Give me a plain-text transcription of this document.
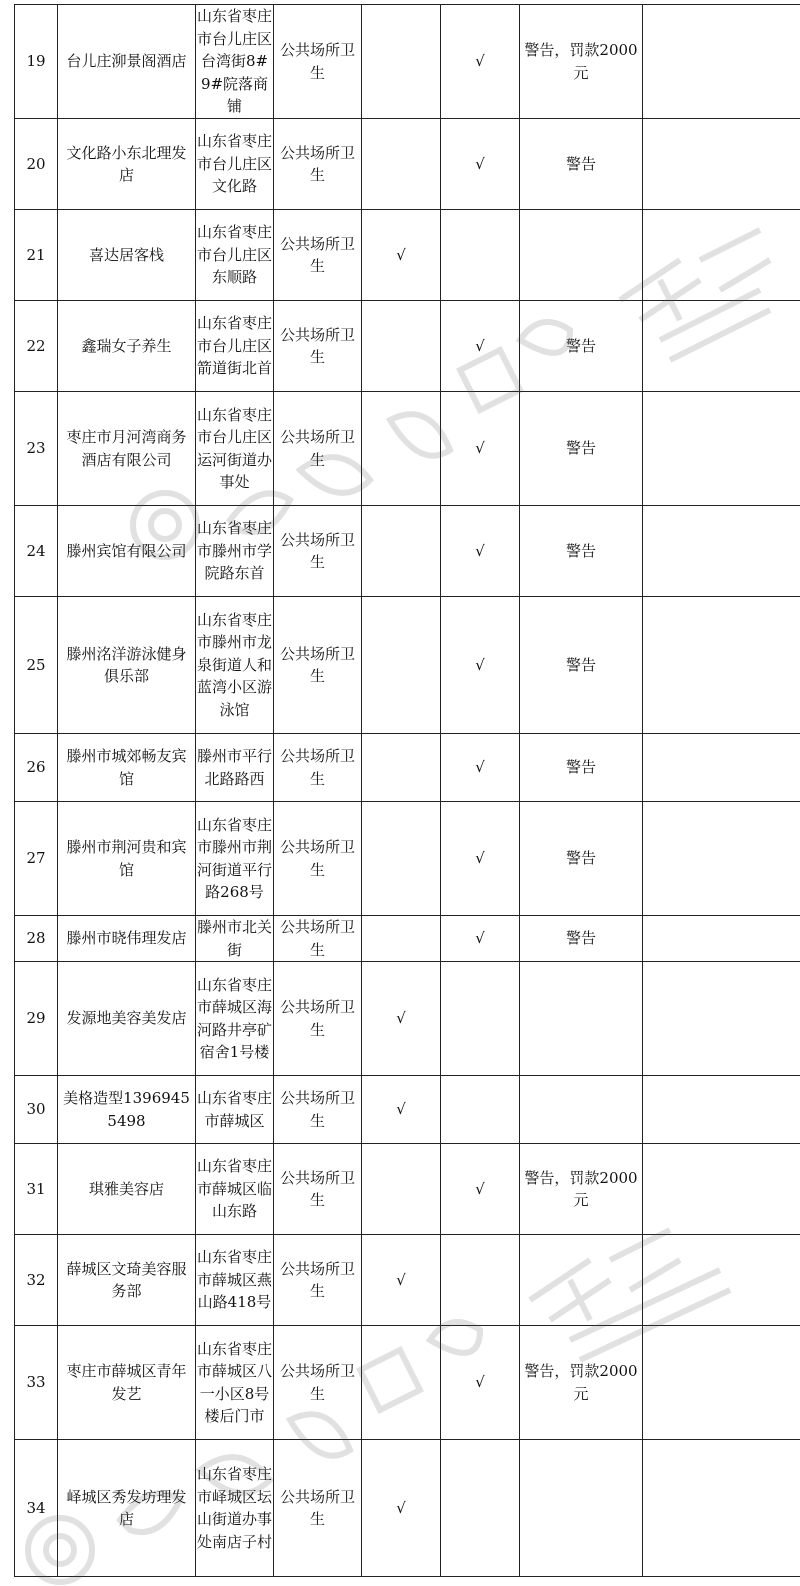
19	台儿庄泖景阁酒店	山东省枣庄市台儿庄区台湾街8#9#院落商铺	公共场所卫生		√	警告，罚款2000元	
20	文化路小东北理发店	山东省枣庄市台儿庄区文化路	公共场所卫生		√	警告	
21	喜达居客栈	山东省枣庄市台儿庄区东顺路	公共场所卫生	√			
22	鑫瑞女子养生	山东省枣庄市台儿庄区箭道街北首	公共场所卫生		√	警告	
23	枣庄市月河湾商务酒店有限公司	山东省枣庄市台儿庄区运河街道办事处	公共场所卫生		√	警告	
24	滕州宾馆有限公司	山东省枣庄市滕州市学院路东首	公共场所卫生		√	警告	
25	滕州洺洋游泳健身俱乐部	山东省枣庄市滕州市龙泉街道人和蓝湾小区游泳馆	公共场所卫生		√	警告	
26	滕州市城郊畅友宾馆	滕州市平行北路路西	公共场所卫生		√	警告	
27	滕州市荆河贵和宾馆	山东省枣庄市滕州市荆河街道平行路268号	公共场所卫生		√	警告	
28	滕州市晓伟理发店	滕州市北关街	公共场所卫生		√	警告	
29	发源地美容美发店	山东省枣庄市薛城区海河路井亭矿宿舍1号楼	公共场所卫生	√			
30	美格造型13969455498	山东省枣庄市薛城区	公共场所卫生	√			
31	琪雅美容店	山东省枣庄市薛城区临山东路	公共场所卫生		√	警告，罚款2000元	
32	薛城区文琦美容服务部	山东省枣庄市薛城区燕山路418号	公共场所卫生	√			
33	枣庄市薛城区青年发艺	山东省枣庄市薛城区八一小区8号楼后门市	公共场所卫生		√	警告，罚款2000元	
34	峄城区秀发坊理发店	山东省枣庄市峄城区坛山街道办事处南店子村	公共场所卫生	√			
